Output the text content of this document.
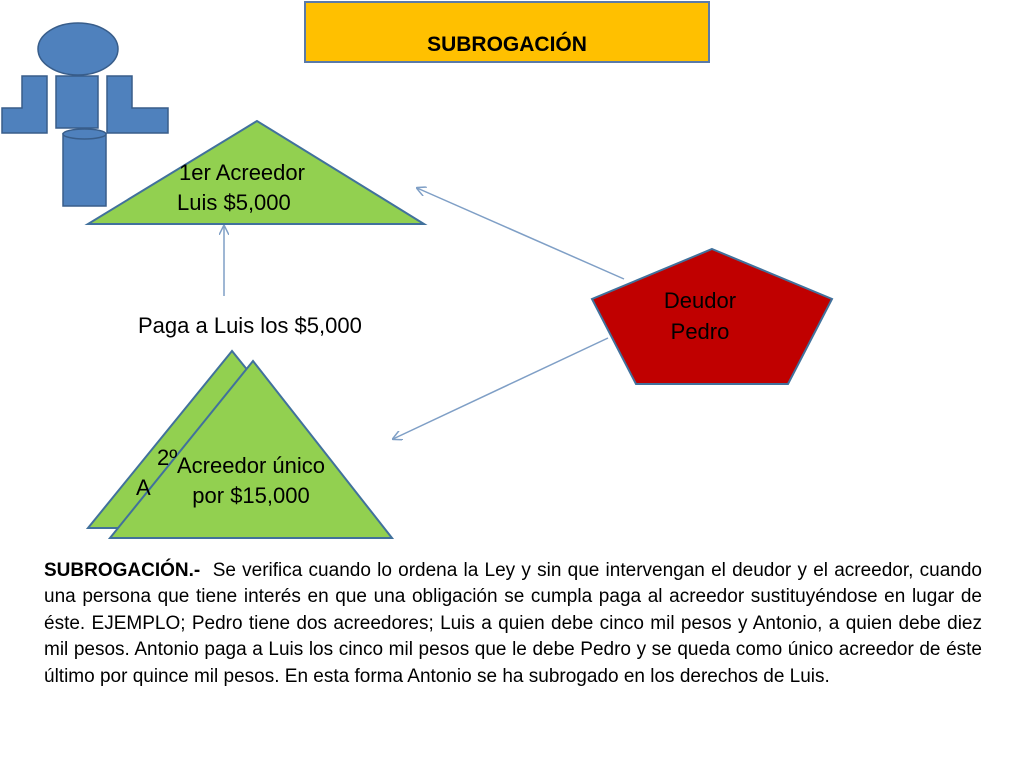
SUBROGACIÓN
1er Acreedor
Luis $5,000
Paga a Luis los $5,000
Deudor
Pedro
2º
A
Acreedor único
por $15,000
SUBROGACIÓN.- Se verifica cuando lo ordena la Ley y sin que intervengan el deudor y el acreedor, cuando una persona que tiene interés en que una obligación se cumpla paga al acreedor sustituyéndose en lugar de éste. EJEMPLO; Pedro tiene dos acreedores; Luis a quien debe cinco mil pesos y Antonio, a quien debe diez mil pesos. Antonio paga a Luis los cinco mil pesos que le debe Pedro y se queda como único acreedor de éste último por quince mil pesos. En esta forma Antonio se ha subrogado en los derechos de Luis.
